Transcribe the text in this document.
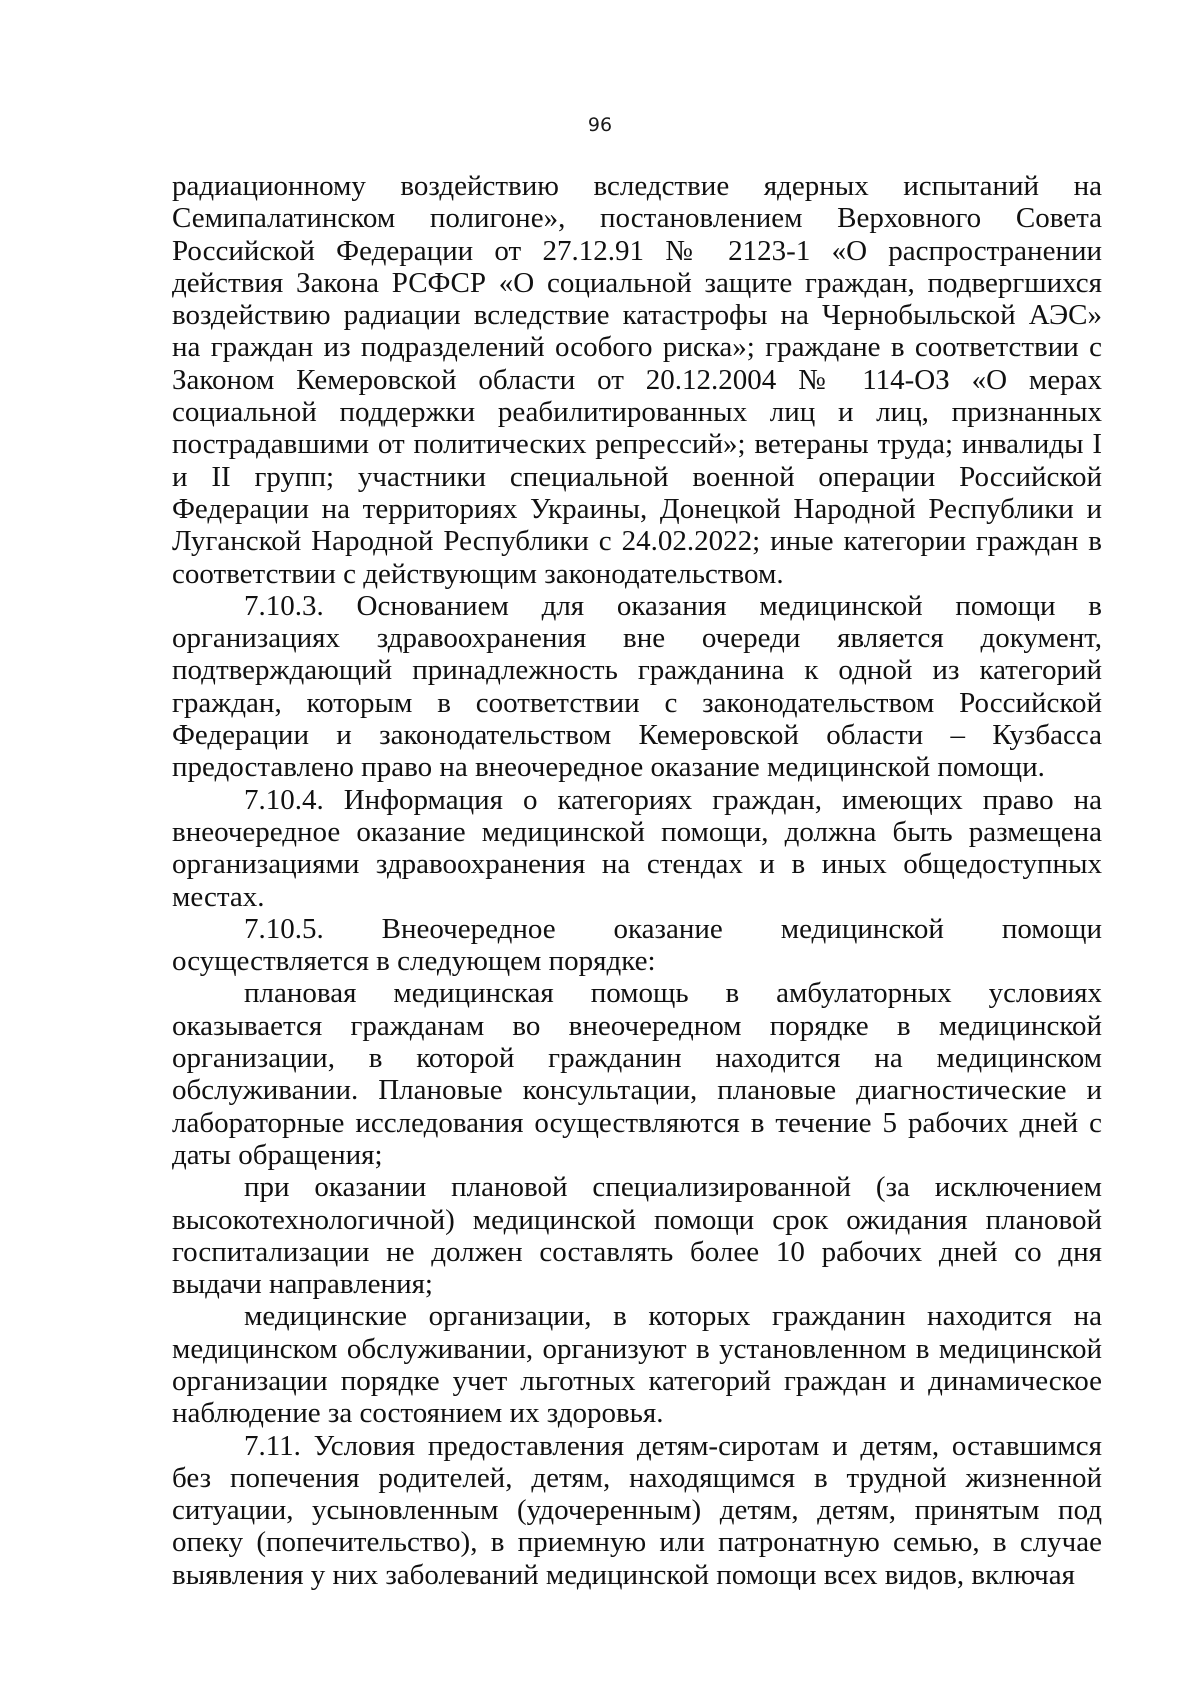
96

радиационному воздействию вследствие ядерных испытаний на Семипалатинском полигоне», постановлением Верховного Совета Российской Федерации от 27.12.91 № 2123-1 «О распространении действия Закона РСФСР «О социальной защите граждан, подвергшихся воздействию радиации вследствие катастрофы на Чернобыльской АЭС» на граждан из подразделений особого риска»; граждане в соответствии с Законом Кемеровской области от 20.12.2004 № 114-ОЗ «О мерах социальной поддержки реабилитированных лиц и лиц, признанных пострадавшими от политических репрессий»; ветераны труда; инвалиды I и II групп; участники специальной военной операции Российской Федерации на территориях Украины, Донецкой Народной Республики и Луганской Народной Республики с 24.02.2022; иные категории граждан в соответствии с действующим законодательством.

7.10.3. Основанием для оказания медицинской помощи в организациях здравоохранения вне очереди является документ, подтверждающий принадлежность гражданина к одной из категорий граждан, которым в соответствии с законодательством Российской Федерации и законодательством Кемеровской области – Кузбасса предоставлено право на внеочередное оказание медицинской помощи.

7.10.4. Информация о категориях граждан, имеющих право на внеочередное оказание медицинской помощи, должна быть размещена организациями здравоохранения на стендах и в иных общедоступных местах.

7.10.5. Внеочередное оказание медицинской помощи осуществляется в следующем порядке:

плановая медицинская помощь в амбулаторных условиях оказывается гражданам во внеочередном порядке в медицинской организации, в которой гражданин находится на медицинском обслуживании. Плановые консультации, плановые диагностические и лабораторные исследования осуществляются в течение 5 рабочих дней с даты обращения;

при оказании плановой специализированной (за исключением высокотехнологичной) медицинской помощи срок ожидания плановой госпитализации не должен составлять более 10 рабочих дней со дня выдачи направления;

медицинские организации, в которых гражданин находится на медицинском обслуживании, организуют в установленном в медицинской организации порядке учет льготных категорий граждан и динамическое наблюдение за состоянием их здоровья.

7.11. Условия предоставления детям-сиротам и детям, оставшимся без попечения родителей, детям, находящимся в трудной жизненной ситуации, усыновленным (удочеренным) детям, детям, принятым под опеку (попечительство), в приемную или патронатную семью, в случае выявления у них заболеваний медицинской помощи всех видов, включая
